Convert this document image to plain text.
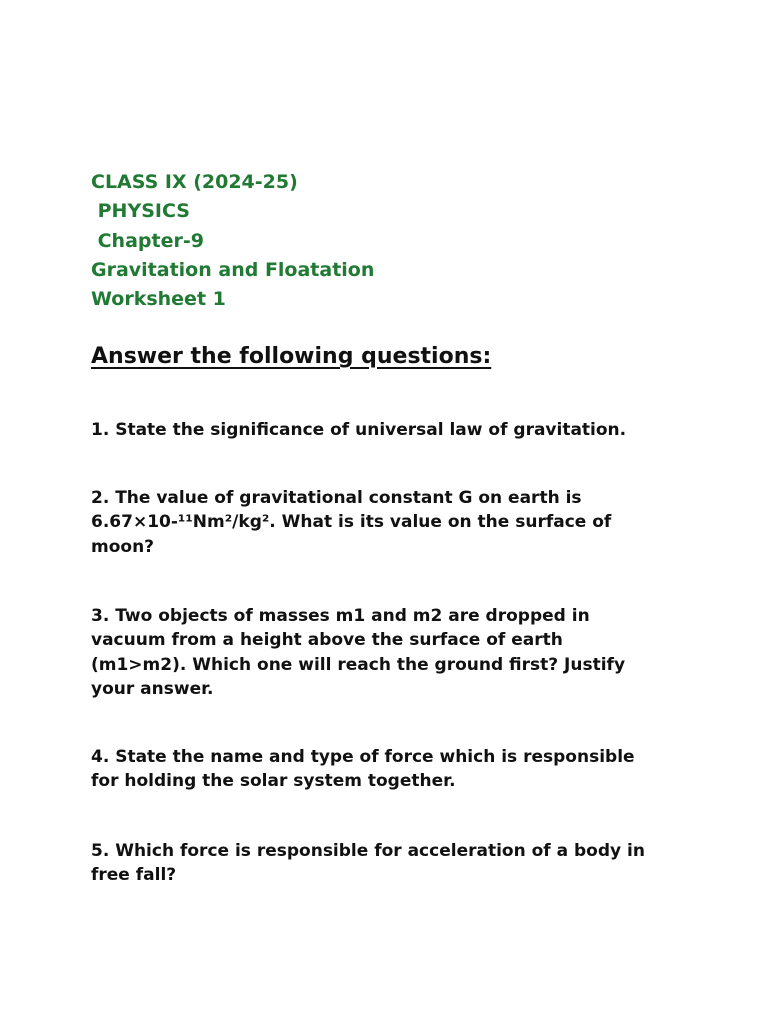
CLASS IX (2024-25)
PHYSICS
Chapter-9
Gravitation and Floatation
Worksheet 1
Answer the following questions:
1. State the significance of universal law of gravitation.
2. The value of gravitational constant G on earth is
6.67×10-¹¹Nm²/kg². What is its value on the surface of
moon?
3. Two objects of masses m1 and m2 are dropped in
vacuum from a height above the surface of earth
(m1>m2). Which one will reach the ground first? Justify
your answer.
4. State the name and type of force which is responsible
for holding the solar system together.
5. Which force is responsible for acceleration of a body in
free fall?
